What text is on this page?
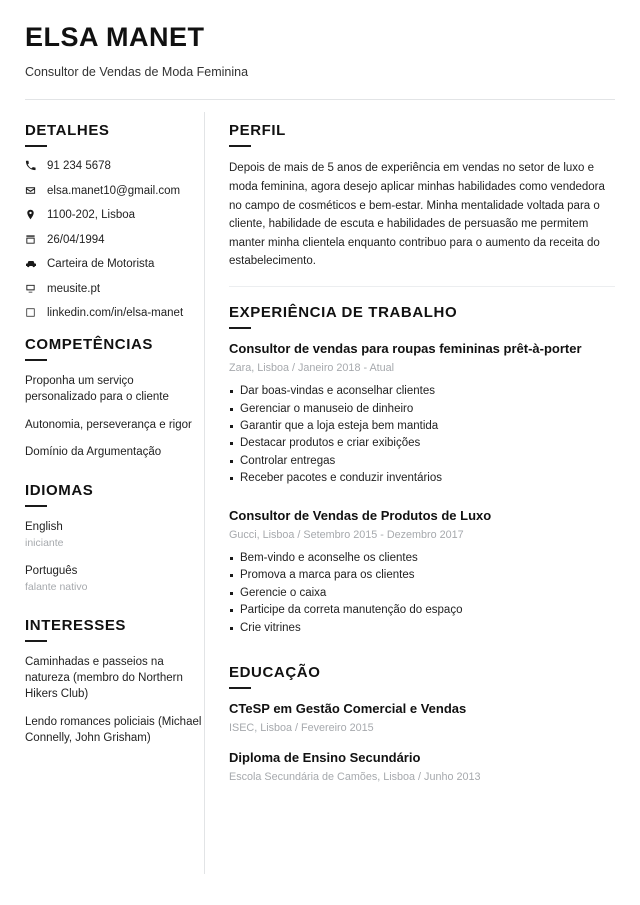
ELSA MANET
Consultor de Vendas de Moda Feminina
DETALHES
91 234 5678
elsa.manet10@gmail.com
1100-202, Lisboa
26/04/1994
Carteira de Motorista
meusite.pt
linkedin.com/in/elsa-manet
COMPETÊNCIAS
Proponha um serviço personalizado para o cliente
Autonomia, perseverança e rigor
Domínio da Argumentação
IDIOMAS
English
iniciante
Português
falante nativo
INTERESSES
Caminhadas e passeios na natureza (membro do Northern Hikers Club)
Lendo romances policiais (Michael Connelly, John Grisham)
PERFIL

Depois de mais de 5 anos de experiência em vendas no setor de luxo e moda feminina, agora desejo aplicar minhas habilidades como vendedora no campo de cosméticos e bem-estar. Minha mentalidade voltada para o cliente, habilidade de escuta e habilidades de persuasão me permitem manter minha clientela enquanto contribuo para o aumento da receita do estabelecimento.

EXPERIÊNCIA DE TRABALHO
Consultor de vendas para roupas femininas prêt-à-porter
Zara, Lisboa / Janeiro 2018 - Atual
Dar boas-vindas e aconselhar clientes
Gerenciar o manuseio de dinheiro
Garantir que a loja esteja bem mantida
Destacar produtos e criar exibições
Controlar entregas
Receber pacotes e conduzir inventários
Consultor de Vendas de Produtos de Luxo
Gucci, Lisboa / Setembro 2015 - Dezembro 2017
Bem-vindo e aconselhe os clientes
Promova a marca para os clientes
Gerencie o caixa
Participe da correta manutenção do espaço
Crie vitrines
EDUCAÇÃO
CTeSP em Gestão Comercial e Vendas
ISEC, Lisboa / Fevereiro 2015
Diploma de Ensino Secundário
Escola Secundária de Camões, Lisboa / Junho 2013
